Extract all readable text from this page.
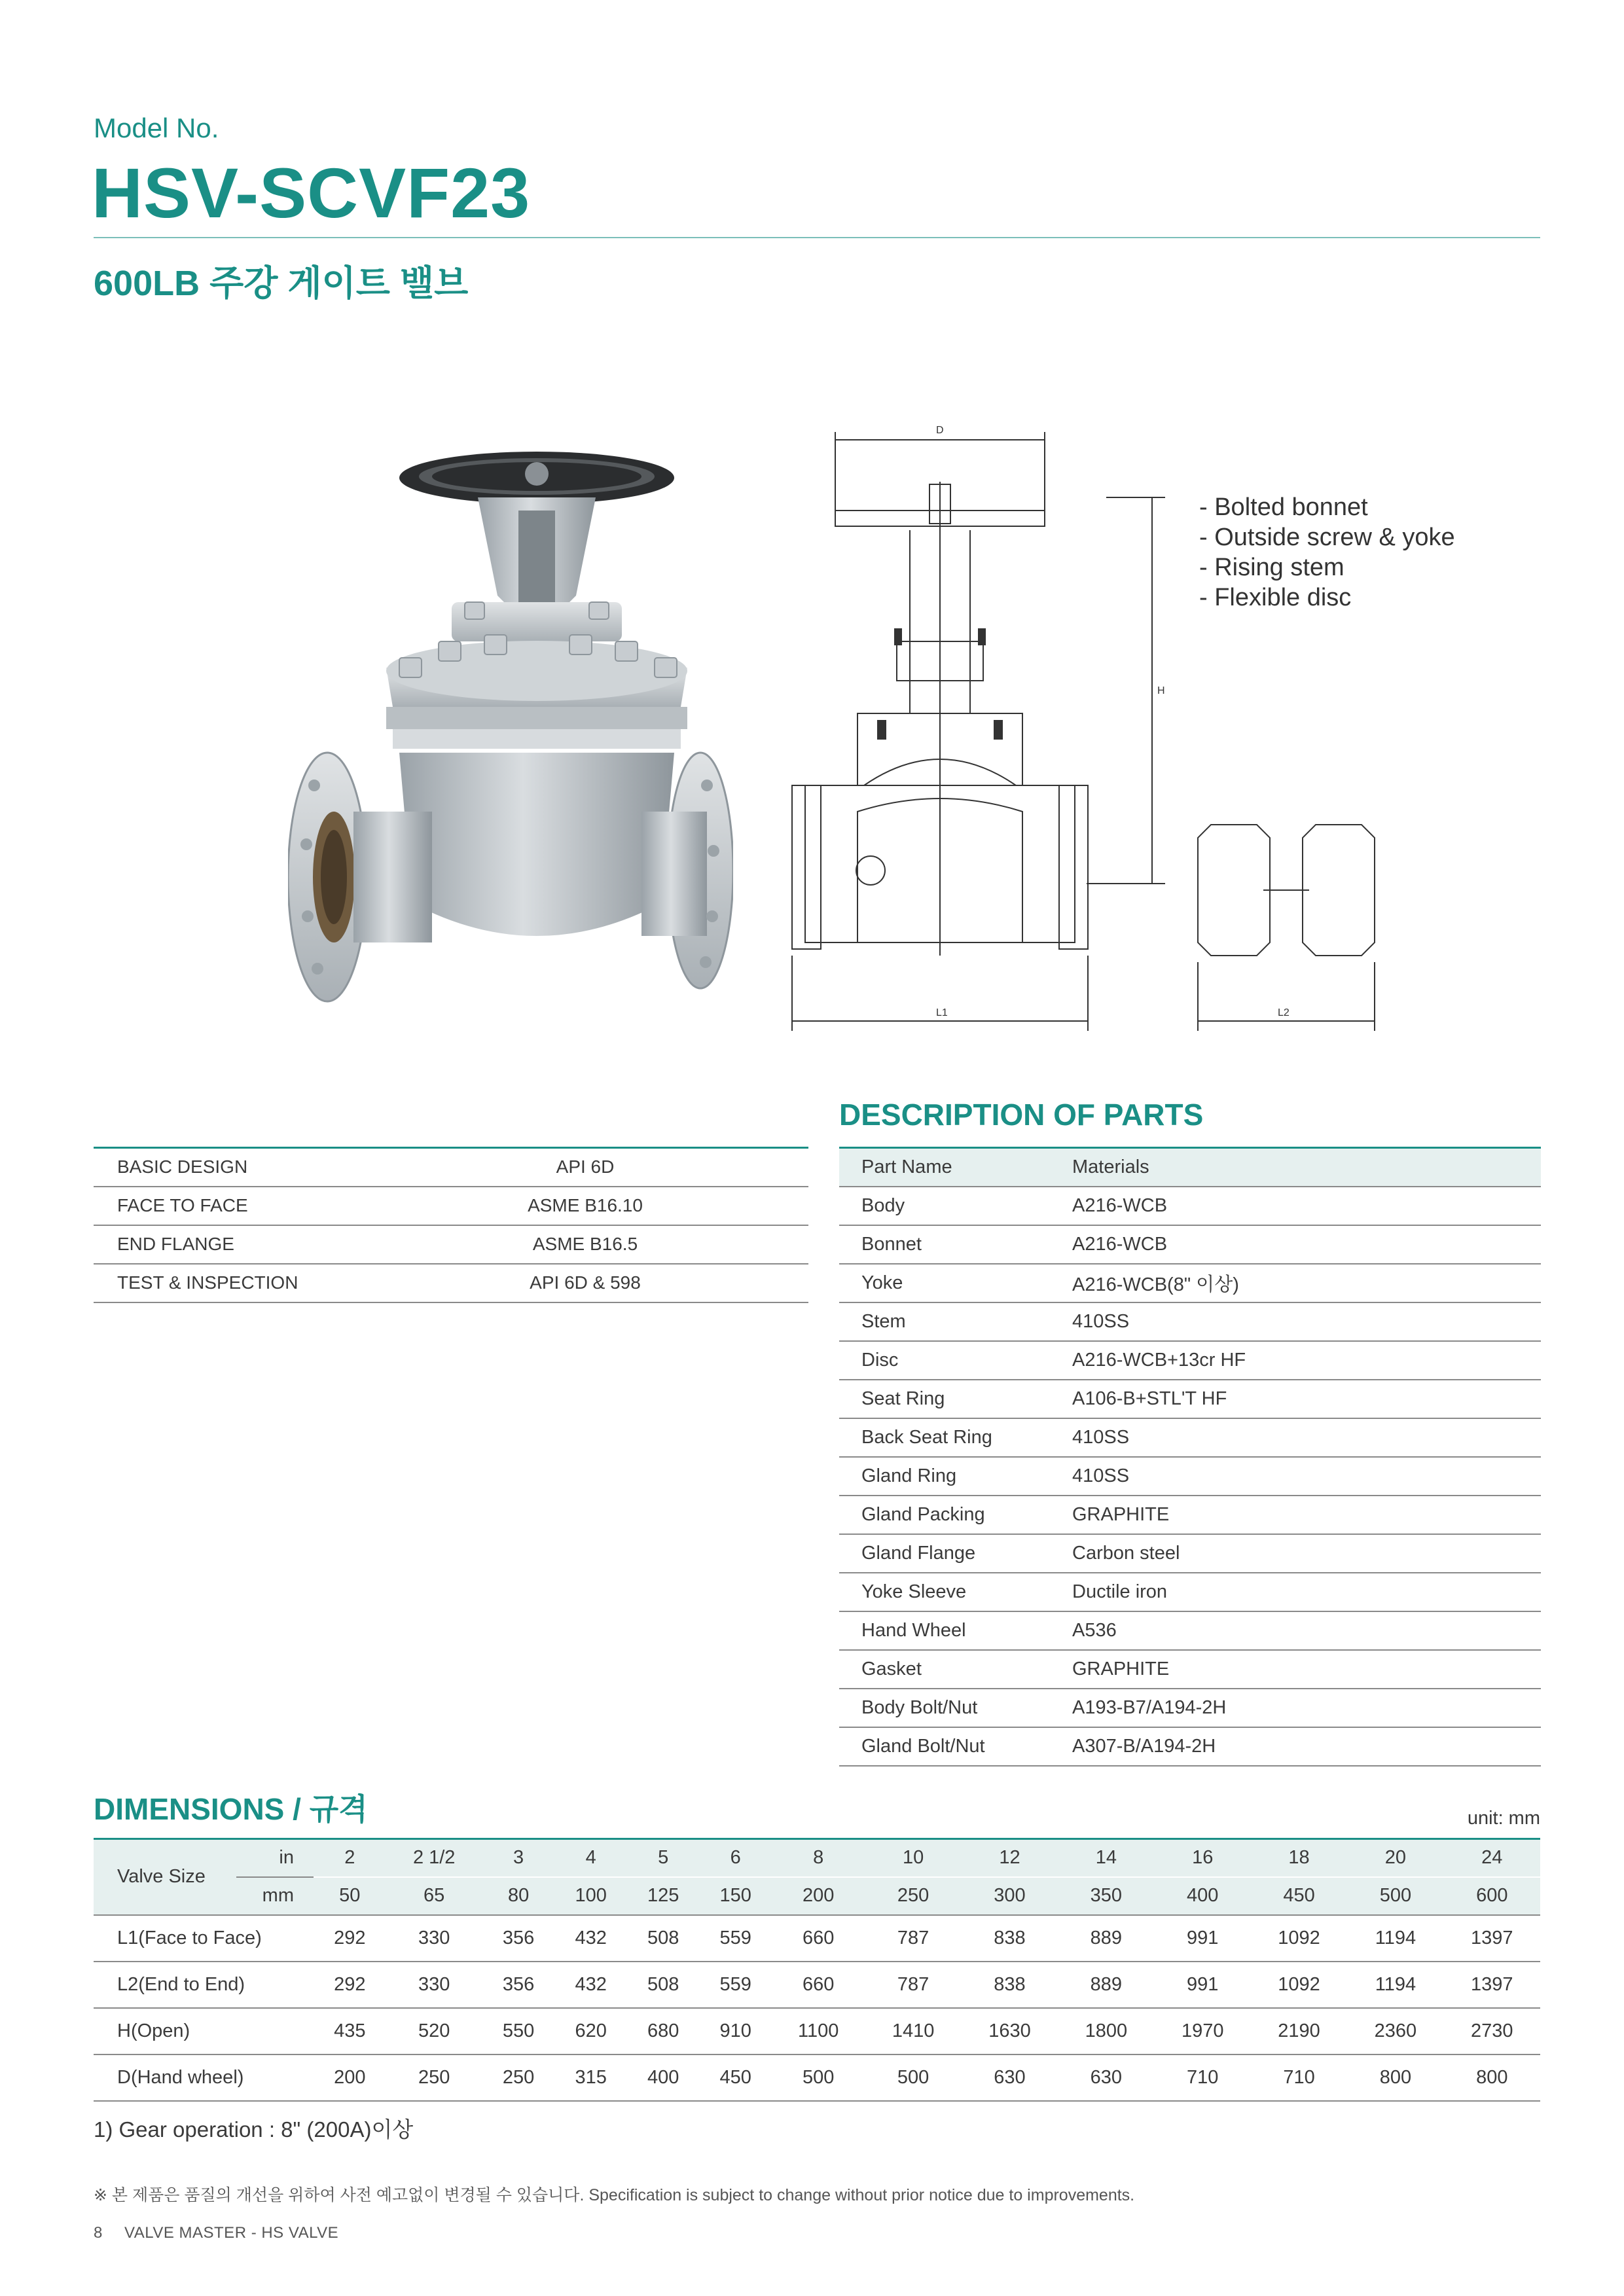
Model No.
HSV-SCVF23
600LB 주강 게이트 밸브
D
H
L1	L2
- Bolted bonnet
- Outside screw & yoke
- Rising stem
- Flexible disc
BASIC DESIGN	API 6D
FACE TO FACE	ASME B16.10
END FLANGE	ASME B16.5
TEST & INSPECTION	API 6D & 598
DESCRIPTION OF PARTS
Part Name	Materials
Body	A216-WCB
Bonnet	A216-WCB
Yoke	A216-WCB(8" 이상)
Stem	410SS
Disc	A216-WCB+13cr HF
Seat Ring	A106-B+STL'T HF
Back Seat Ring	410SS
Gland Ring	410SS
Gland Packing	GRAPHITE
Gland Flange	Carbon steel
Yoke Sleeve	Ductile iron
Hand Wheel	A536
Gasket	GRAPHITE
Body Bolt/Nut	A193-B7/A194-2H
Gland Bolt/Nut	A307-B/A194-2H
DIMENSIONS / 규격	unit: mm
Valve Size	in	2	2 1/2	3	4	5	6	8	10	12	14	16	18	20	24
	mm	50	65	80	100	125	150	200	250	300	350	400	450	500	600
L1(Face to Face)		292	330	356	432	508	559	660	787	838	889	991	1092	1194	1397
L2(End to End)		292	330	356	432	508	559	660	787	838	889	991	1092	1194	1397
H(Open)		435	520	550	620	680	910	1100	1410	1630	1800	1970	2190	2360	2730
D(Hand wheel)		200	250	250	315	400	450	500	500	630	630	710	710	800	800
1) Gear operation : 8" (200A)이상
※ 본 제품은 품질의 개선을 위하여 사전 예고없이 변경될 수 있습니다. Specification is subject to change without prior notice due to improvements.
8 VALVE MASTER - HS VALVE
